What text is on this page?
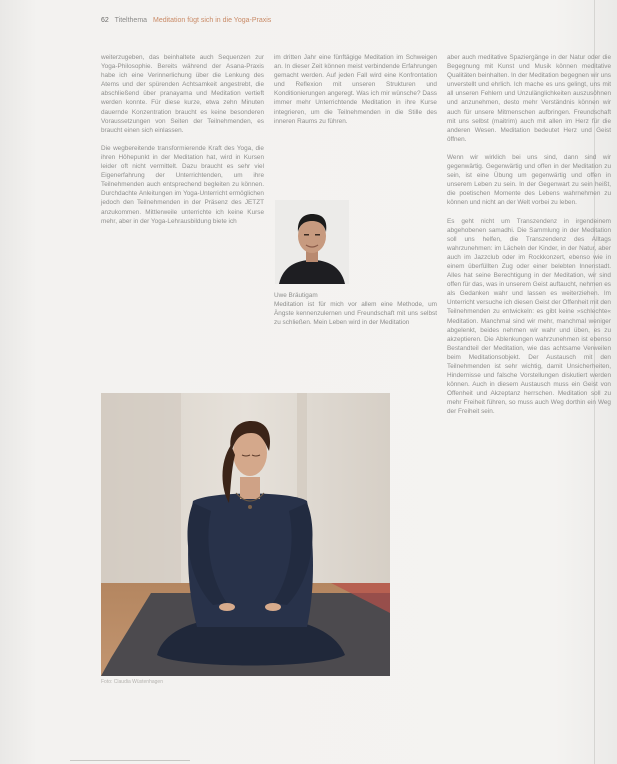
62 Titelthema Meditation fügt sich in die Yoga-Praxis

weiterzugeben, das beinhaltete auch Sequenzen zur Yoga-Philosophie. Bereits während der Asana-Praxis habe ich eine Verinnerlichung über die Lenkung des Atems und der spürenden Achtsamkeit angestrebt, die abschließend über pranayama und Meditation vertieft werden konnte. Für diese kurze, etwa zehn Minuten dauernde Konzentration braucht es keine besonderen Voraussetzungen von Seiten der Teilnehmenden, es braucht einen sich einlassen.

Die wegbereitende transformierende Kraft des Yoga, die ihren Höhepunkt in der Meditation hat, wird in Kursen leider oft nicht vermittelt. Dazu braucht es sehr viel Eigenerfahrung der Unterrichtenden, um ihre Teilnehmenden auch entsprechend begleiten zu können. Durchdachte Anleitungen im Yoga-Unterricht ermöglichen jedoch den Teilnehmenden in der Präsenz des JETZT anzukommen. Mittlerweile unterrichte ich keine Kurse mehr, aber in der Yoga-Lehrausbildung biete ich

im dritten Jahr eine fünftägige Meditation im Schweigen an. In dieser Zeit können meist verbindende Erfahrungen gemacht werden. Auf jeden Fall wird eine Konfrontation und Reflexion mit unseren Strukturen und Konditionierungen angeregt. Was ich mir wünsche? Dass immer mehr Unterrichtende Meditation in ihre Kurse integrieren, um die Teilnehmenden in die Stille des inneren Raums zu führen.

Uwe Bräutigam
Meditation ist für mich vor allem eine Methode, um Ängste kennenzulernen und Freundschaft mit uns selbst zu schließen. Mein Leben wird in der Meditation

aber auch meditative Spaziergänge in der Natur oder die Begegnung mit Kunst und Musik können meditative Qualitäten beinhalten. In der Meditation begegnen wir uns unverstellt und ehrlich. Ich mache es uns gelingt, uns mit all unseren Fehlern und Unzulänglichkeiten auszusöhnen und anzunehmen, desto mehr Verständnis können wir auch für unsere Mitmenschen aufbringen. Freundschaft mit uns selbst (maitrim) auch mit allen im Herz für die anderen Wesen. Meditation bedeutet Herz und Geist öffnen.

Wenn wir wirklich bei uns sind, dann sind wir gegenwärtig. Gegenwärtig und offen in der Meditation zu sein, ist eine Übung um gegenwärtig und offen in unserem Leben zu sein. In der Gegenwart zu sein heißt, die poetischen Momente des Lebens wahrnehmen zu können und nicht an der Welt vorbei zu leben.

Es geht nicht um Transzendenz in irgendeinem abgehobenen samadhi. Die Sammlung in der Meditation soll uns helfen, die Transzendenz des Alltags wahrzunehmen: im Lächeln der Kinder, in der Natur, aber auch im Jazzclub oder im Rockkonzert, ebenso wie in einem überfüllten Zug oder einer belebten Innenstadt. Alles hat seine Berechtigung in der Meditation, wir sind offen für das, was in unserem Geist auftaucht, nehmen es als Gedanken wahr und lassen es weiterziehen. Im Unterricht versuche ich diesen Geist der Offenheit mit den Teilnehmenden zu entwickeln: es gibt keine »schlechte« Meditation. Manchmal sind wir mehr, manchmal weniger abgelenkt, beides nehmen wir wahr und üben, es zu akzeptieren. Die Ablenkungen wahrzunehmen ist ebenso Bestandteil der Meditation, wie das achtsame Verweilen beim Meditationsobjekt. Der Austausch mit den Teilnehmenden ist sehr wichtig, damit Unsicherheiten, Hindernisse und falsche Vorstellungen diskutiert werden können. Auch in diesem Austausch muss ein Geist von Offenheit und Akzeptanz herrschen. Meditation soll zu mehr Freiheit führen, so muss auch Weg dorthin ein Weg der Freiheit sein.

Foto: Claudia Wüstenhagen
